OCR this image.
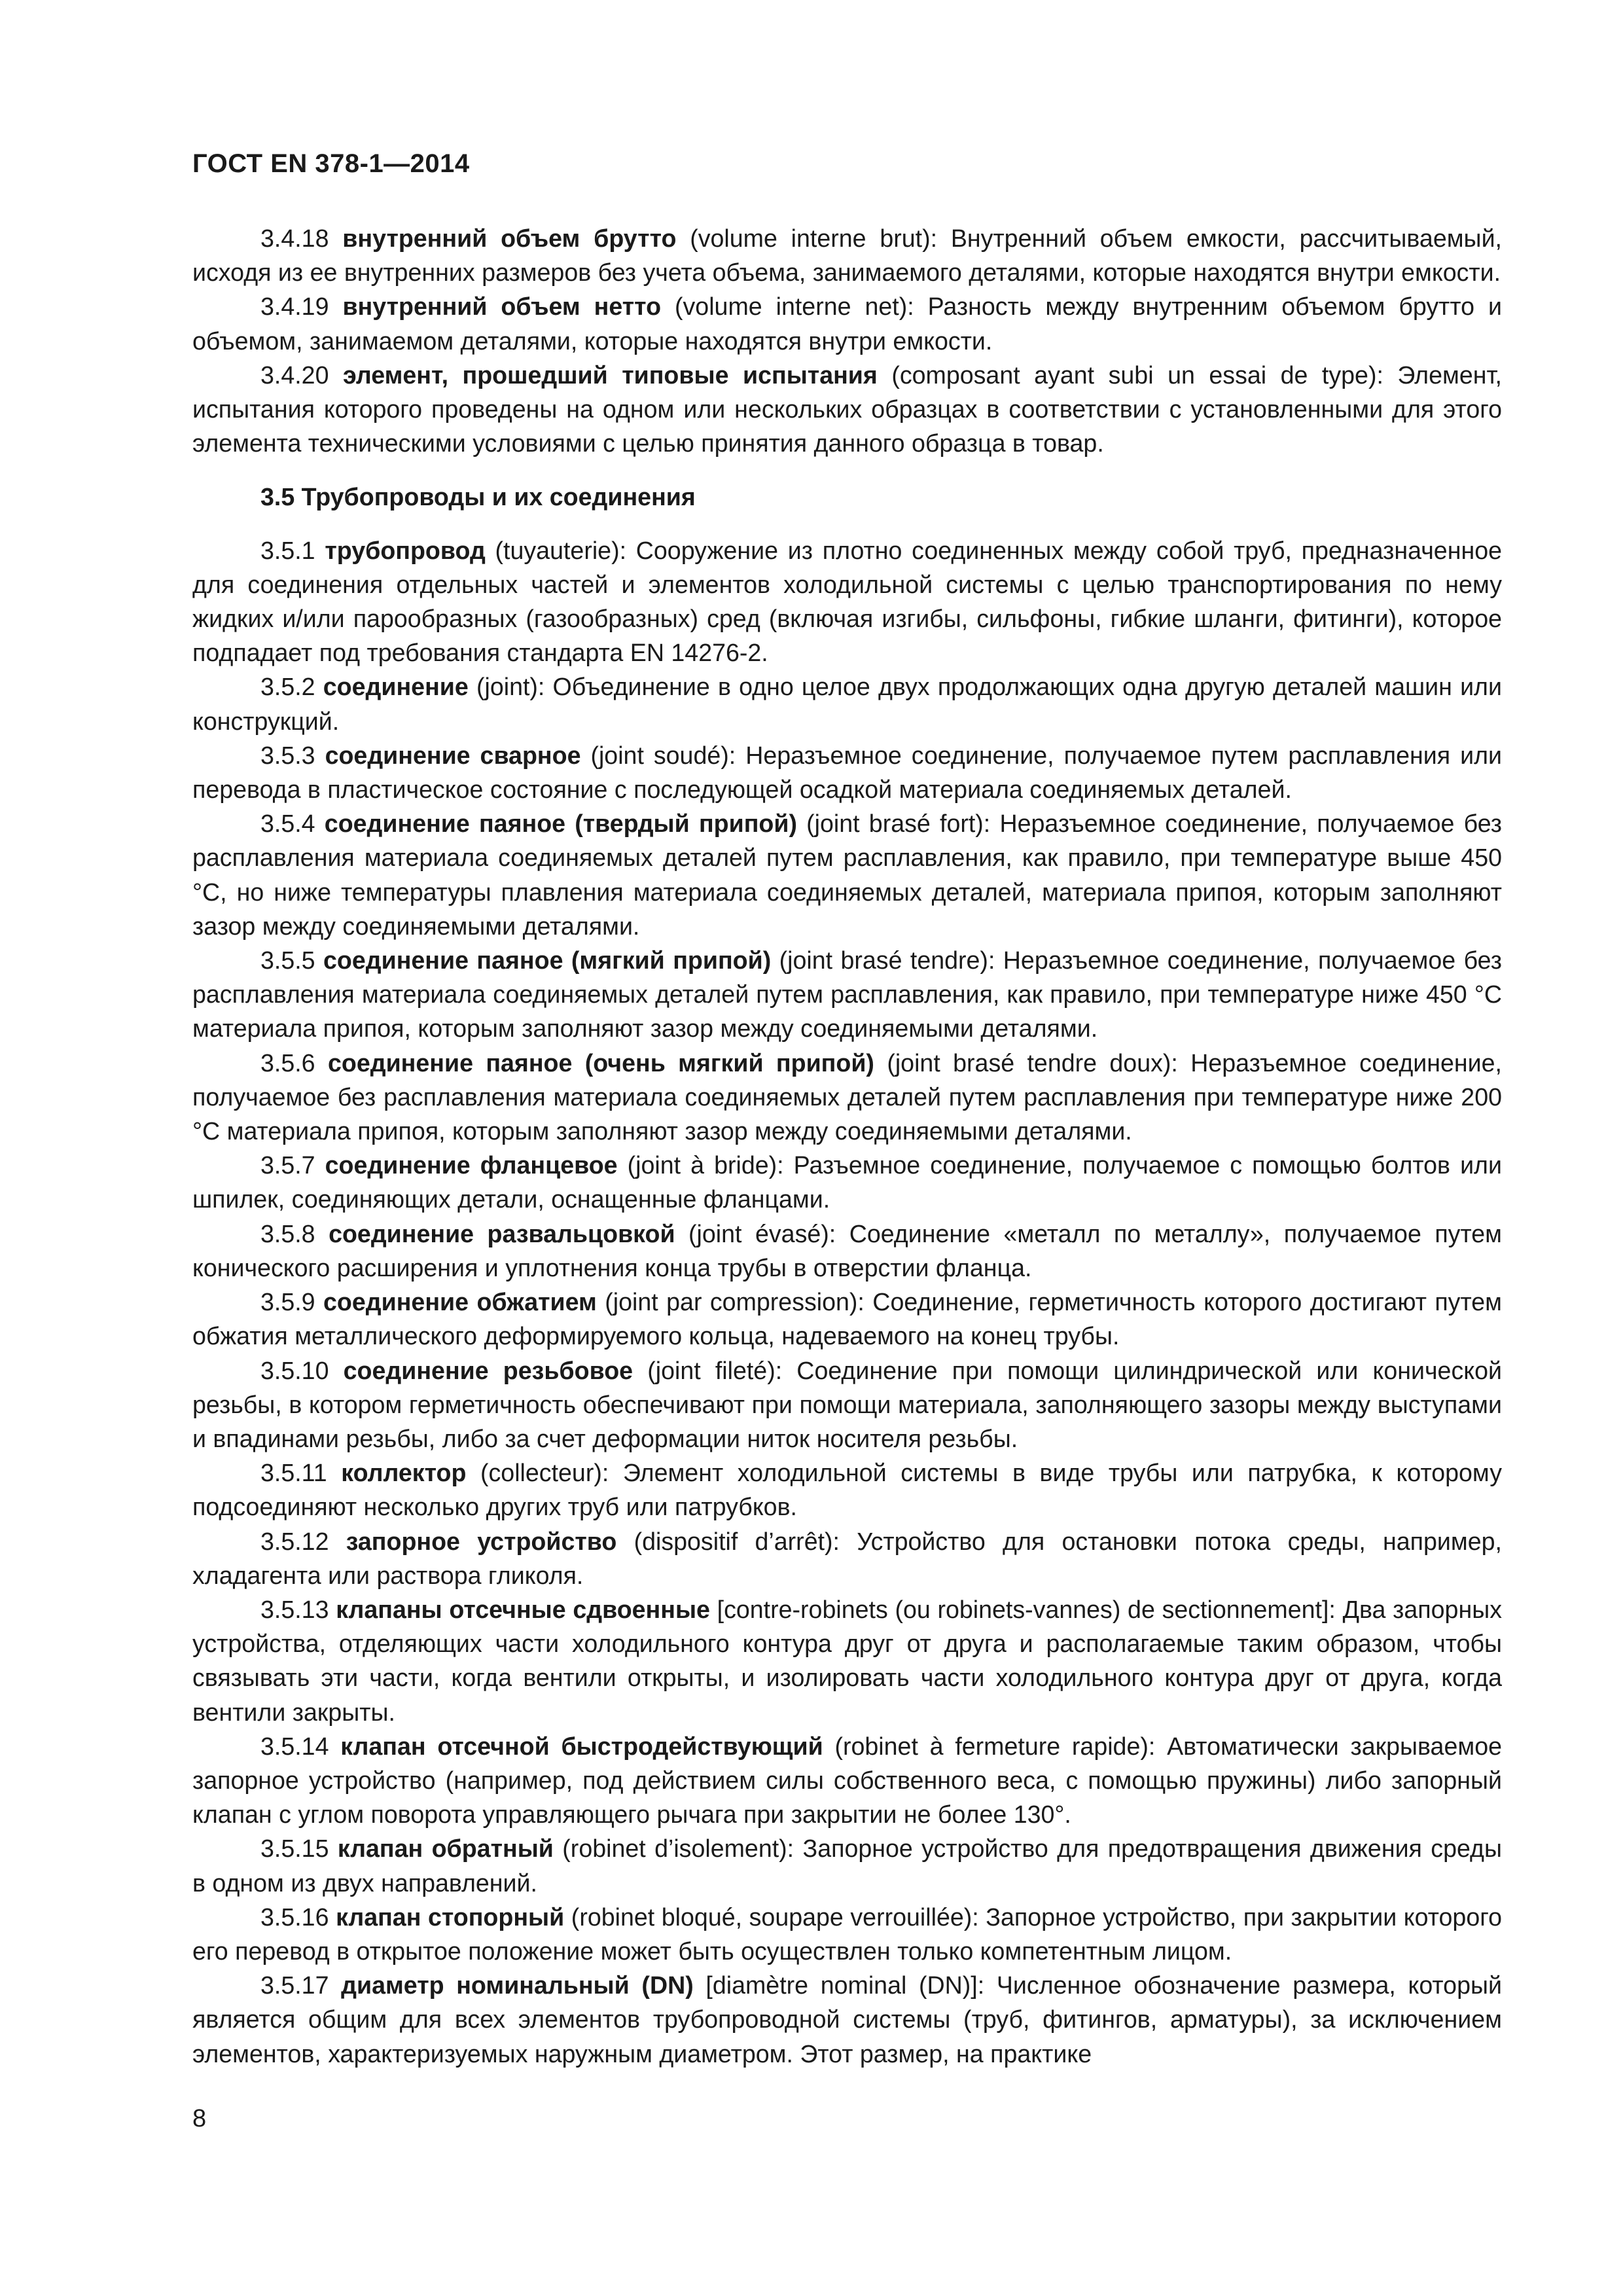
ГОСТ EN 378-1—2014

3.4.18 внутренний объем брутто (volume interne brut): Внутренний объем емкости, рассчитываемый, исходя из ее внутренних размеров без учета объема, занимаемого деталями, которые находятся внутри емкости.

3.4.19 внутренний объем нетто (volume interne net): Разность между внутренним объемом брутто и объемом, занимаемом деталями, которые находятся внутри емкости.

3.4.20 элемент, прошедший типовые испытания (composant ayant subi un essai de type): Элемент, испытания которого проведены на одном или нескольких образцах в соответствии с установленными для этого элемента техническими условиями с целью принятия данного образца в товар.

3.5 Трубопроводы и их соединения

3.5.1 трубопровод (tuyauterie): Сооружение из плотно соединенных между собой труб, предназначенное для соединения отдельных частей и элементов холодильной системы с целью транспортирования по нему жидких и/или парообразных (газообразных) сред (включая изгибы, сильфоны, гибкие шланги, фитинги), которое подпадает под требования стандарта EN 14276-2.

3.5.2 соединение (joint): Объединение в одно целое двух продолжающих одна другую деталей машин или конструкций.

3.5.3 соединение сварное (joint soudé): Неразъемное соединение, получаемое путем расплавления или перевода в пластическое состояние с последующей осадкой материала соединяемых деталей.

3.5.4 соединение паяное (твердый припой) (joint brasé fort): Неразъемное соединение, получаемое без расплавления материала соединяемых деталей путем расплавления, как правило, при температуре выше 450 °С, но ниже температуры плавления материала соединяемых деталей, материала припоя, которым заполняют зазор между соединяемыми деталями.

3.5.5 соединение паяное (мягкий припой) (joint brasé tendre): Неразъемное соединение, получаемое без расплавления материала соединяемых деталей путем расплавления, как правило, при температуре ниже 450 °С материала припоя, которым заполняют зазор между соединяемыми деталями.

3.5.6 соединение паяное (очень мягкий припой) (joint brasé tendre doux): Неразъемное соединение, получаемое без расплавления материала соединяемых деталей путем расплавления при температуре ниже 200 °С материала припоя, которым заполняют зазор между соединяемыми деталями.

3.5.7 соединение фланцевое (joint à bride): Разъемное соединение, получаемое с помощью болтов или шпилек, соединяющих детали, оснащенные фланцами.

3.5.8 соединение развальцовкой (joint évasé): Соединение «металл по металлу», получаемое путем конического расширения и уплотнения конца трубы в отверстии фланца.

3.5.9 соединение обжатием (joint par compression): Соединение, герметичность которого достигают путем обжатия металлического деформируемого кольца, надеваемого на конец трубы.

3.5.10 соединение резьбовое (joint fileté): Соединение при помощи цилиндрической или конической резьбы, в котором герметичность обеспечивают при помощи материала, заполняющего зазоры между выступами и впадинами резьбы, либо за счет деформации ниток носителя резьбы.

3.5.11 коллектор (collecteur): Элемент холодильной системы в виде трубы или патрубка, к которому подсоединяют несколько других труб или патрубков.

3.5.12 запорное устройство (dispositif d’arrêt): Устройство для остановки потока среды, например, хладагента или раствора гликоля.

3.5.13 клапаны отсечные сдвоенные [contre-robinets (ou robinets-vannes) de sectionnement]: Два запорных устройства, отделяющих части холодильного контура друг от друга и располагаемые таким образом, чтобы связывать эти части, когда вентили открыты, и изолировать части холодильного контура друг от друга, когда вентили закрыты.

3.5.14 клапан отсечной быстродействующий (robinet à fermeture rapide): Автоматически закрываемое запорное устройство (например, под действием силы собственного веса, с помощью пружины) либо запорный клапан с углом поворота управляющего рычага при закрытии не более 130°.

3.5.15 клапан обратный (robinet d’isolement): Запорное устройство для предотвращения движения среды в одном из двух направлений.

3.5.16 клапан стопорный (robinet bloqué, soupape verrouillée): Запорное устройство, при закрытии которого его перевод в открытое положение может быть осуществлен только компетентным лицом.

3.5.17 диаметр номинальный (DN) [diamètre nominal (DN)]: Численное обозначение размера, который является общим для всех элементов трубопроводной системы (труб, фитингов, арматуры), за исключением элементов, характеризуемых наружным диаметром. Этот размер, на практике

8
